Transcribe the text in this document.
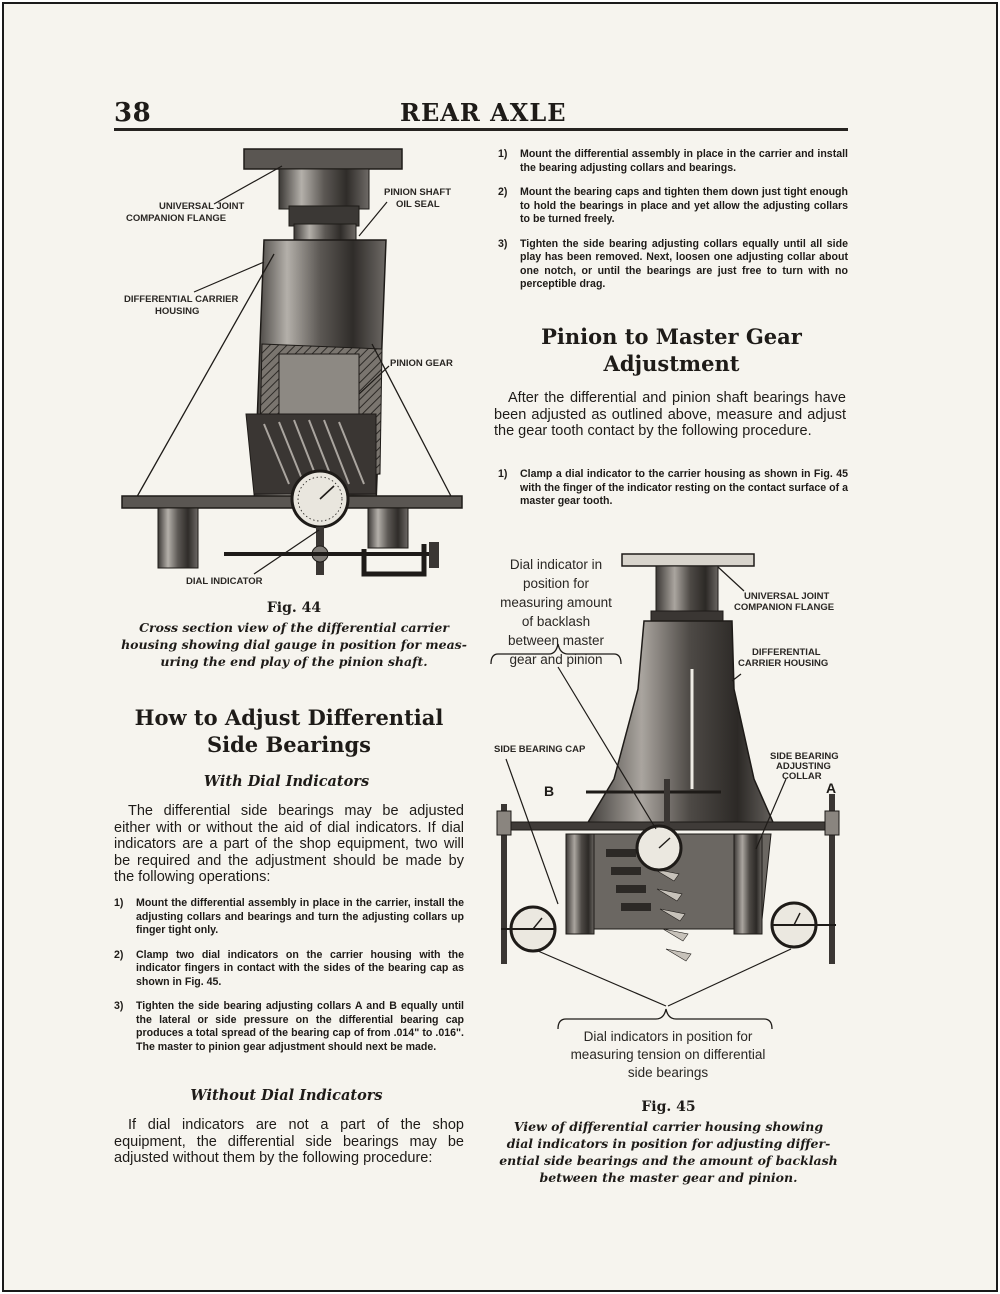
38	REAR AXLE
UNIVERSAL JOINT
COMPANION FLANGE
PINION SHAFT
OIL SEAL
DIFFERENTIAL CARRIER
HOUSING
PINION GEAR
DIAL INDICATOR
Fig. 44
Cross section view of the differential carrier
housing showing dial gauge in position for meas-
uring the end play of the pinion shaft.
How to Adjust Differential
Side Bearings
With Dial Indicators
The differential side bearings may be adjusted either with or without the aid of dial indicators. If dial indicators are a part of the shop equipment, two will be required and the adjustment should be made by the following operations:
1) Mount the differential assembly in place in the carrier, install the adjusting collars and bearings and turn the adjusting collars up finger tight only.
2) Clamp two dial indicators on the carrier housing with the indicator fingers in contact with the sides of the bearing cap as shown in Fig. 45.
3) Tighten the side bearing adjusting collars A and B equally until the lateral or side pressure on the differential bearing cap produces a total spread of the bearing cap of from .014" to .016". The master to pinion gear adjustment should next be made.
Without Dial Indicators
If dial indicators are not a part of the shop equipment, the differential side bearings may be adjusted without them by the following procedure:
1) Mount the differential assembly in place in the carrier and install the bearing adjusting collars and bearings.
2) Mount the bearing caps and tighten them down just tight enough to hold the bearings in place and yet allow the adjusting collars to be turned freely.
3) Tighten the side bearing adjusting collars equally until all side play has been removed. Next, loosen one adjusting collar about one notch, or until the bearings are just free to turn with no perceptible drag.
Pinion to Master Gear
Adjustment
After the differential and pinion shaft bearings have been adjusted as outlined above, measure and adjust the gear tooth contact by the following procedure.
1) Clamp a dial indicator to the carrier housing as shown in Fig. 45 with the finger of the indicator resting on the contact surface of a master gear tooth.
Dial indicator in
position for
measuring amount
of backlash
between master
gear and pinion
UNIVERSAL JOINT
COMPANION FLANGE
DIFFERENTIAL
CARRIER HOUSING
SIDE BEARING CAP
SIDE BEARING
ADJUSTING
COLLAR
A
B
Dial indicators in position for
measuring tension on differential
side bearings
Fig. 45
View of differential carrier housing showing
dial indicators in position for adjusting differ-
ential side bearings and the amount of backlash
between the master gear and pinion.
